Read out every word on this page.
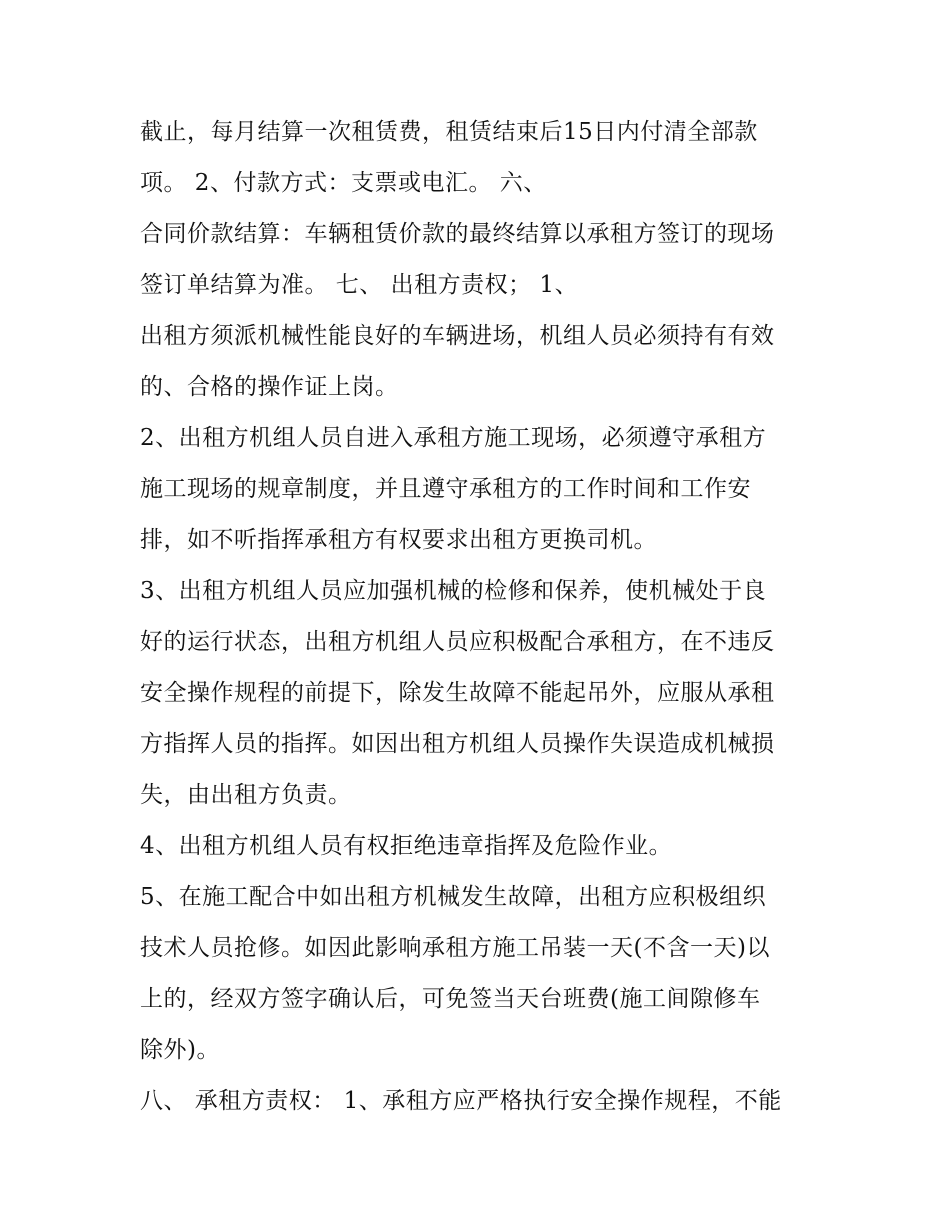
截止，每月结算一次租赁费，租赁结束后15日内付清全部款
项。 2、付款方式：支票或电汇。 六、
合同价款结算：车辆租赁价款的最终结算以承租方签订的现场
签订单结算为准。 七、 出租方责权； 1、
出租方须派机械性能良好的车辆进场，机组人员必须持有有效
的、合格的操作证上岗。
2、出租方机组人员自进入承租方施工现场，必须遵守承租方
施工现场的规章制度，并且遵守承租方的工作时间和工作安
排，如不听指挥承租方有权要求出租方更换司机。
3、出租方机组人员应加强机械的检修和保养，使机械处于良
好的运行状态，出租方机组人员应积极配合承租方，在不违反
安全操作规程的前提下，除发生故障不能起吊外，应服从承租
方指挥人员的指挥。如因出租方机组人员操作失误造成机械损
失，由出租方负责。
4、出租方机组人员有权拒绝违章指挥及危险作业。
5、在施工配合中如出租方机械发生故障，出租方应积极组织
技术人员抢修。如因此影响承租方施工吊装一天(不含一天)以
上的，经双方签字确认后，可免签当天台班费(施工间隙修车
除外)。
八、 承租方责权： 1、承租方应严格执行安全操作规程，不能
